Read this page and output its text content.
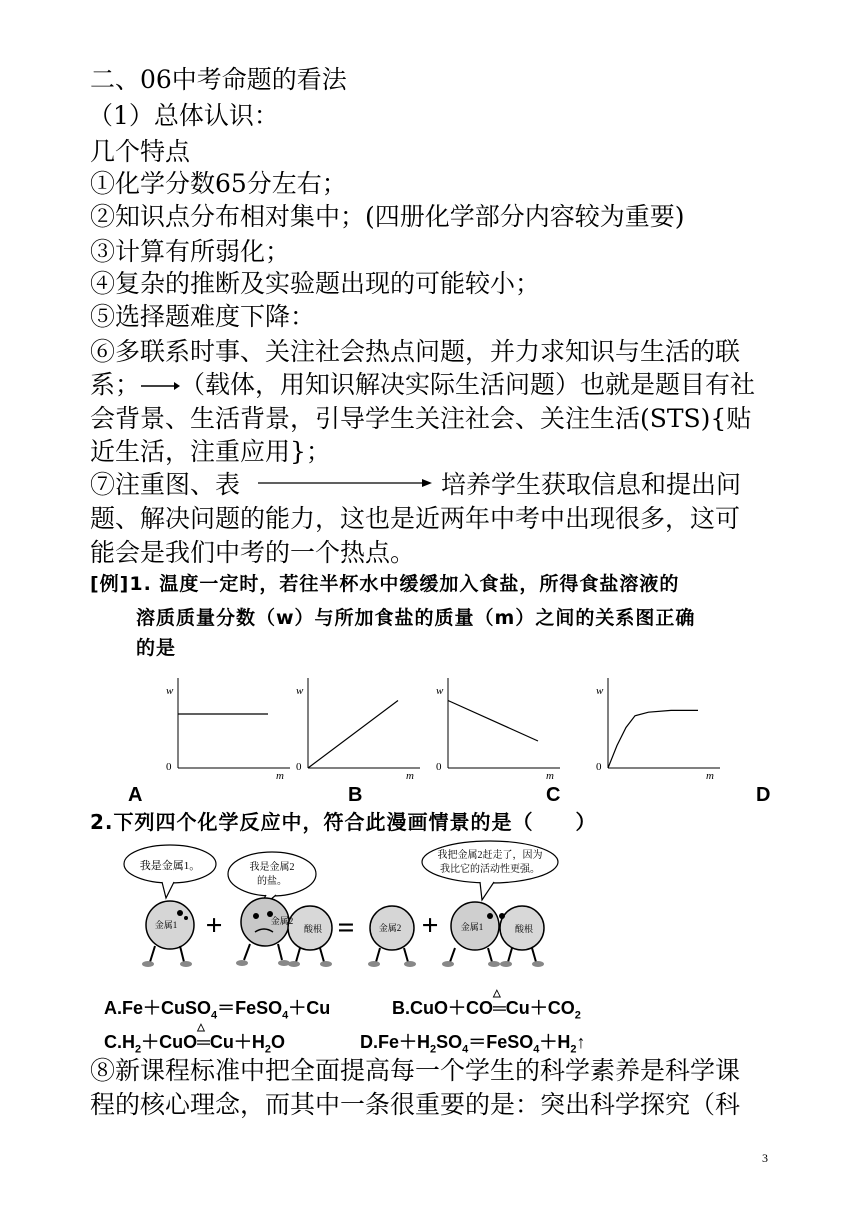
二、06中考命题的看法
（1）总体认识：
几个特点
①化学分数65分左右；
②知识点分布相对集中；(四册化学部分内容较为重要)
③计算有所弱化；
④复杂的推断及实验题出现的可能较小；
⑤选择题难度下降：
⑥多联系时事、关注社会热点问题，并力求知识与生活的联
系； （载体，用知识解决实际生活问题）也就是题目有社
会背景、生活背景，引导学生关注社会、关注生活(STS){贴
近生活，注重应用}；
⑦注重图、表	培养学生获取信息和提出问
题、解决问题的能力，这也是近两年中考中出现很多，这可
能会是我们中考的一个热点。
[例]1. 温度一定时，若往半杯水中缓缓加入食盐，所得食盐溶液的
溶质质量分数（w）与所加食盐的质量（m）之间的关系图正确
的是
w
m
0
w
m
0
w
m
0
w
m
0
A	B	C	D
2.下列四个化学反应中，符合此漫画情景的是（　　）
我是金属1。	我是金属2
的盐。
我把金属2赶走了，因为
我比它的活动性更强。
金属1 +	金属2
酸根 =	金属2 + 金属1	酸根
A.Fe＋CuSO$_4$＝FeSO$_4$＋Cu	B.CuO＋CO
△
$═Cu+CO_2$
$C.H_2+CuO$
△
$═Cu+H_2O$	$D.Fe+H_2SO_4=FeSO_4+H_2↑$
⑧新课程标准中把全面提高每一个学生的科学素养是科学课
程的核心理念，而其中一条很重要的是：突出科学探究（科
3
